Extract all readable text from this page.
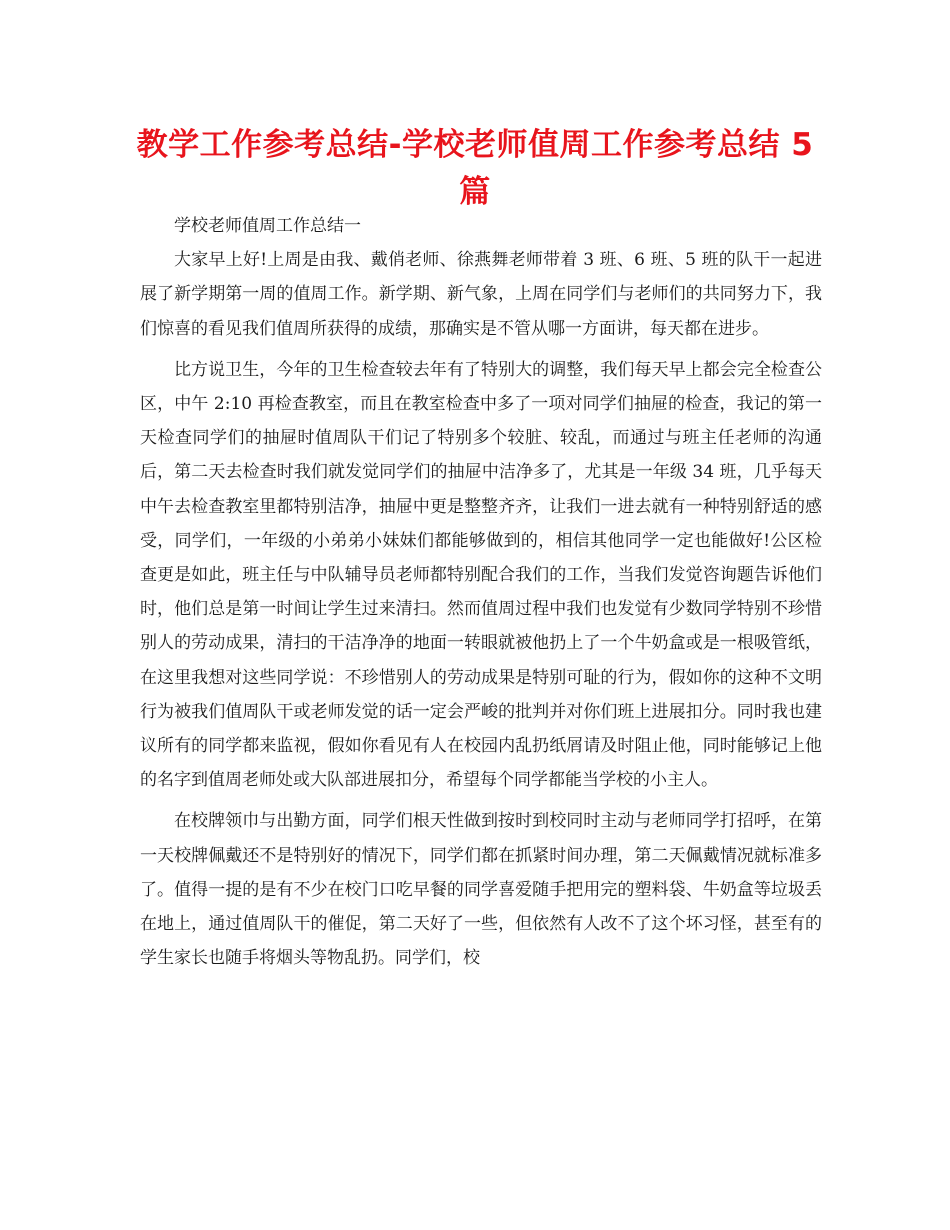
教学工作参考总结-学校老师值周工作参考总结 5 篇

学校老师值周工作总结一

大家早上好!上周是由我、戴俏老师、徐燕舞老师带着 3 班、6 班、5 班的队干一起进展了新学期第一周的值周工作。新学期、新气象，上周在同学们与老师们的共同努力下，我们惊喜的看见我们值周所获得的成绩，那确实是不管从哪一方面讲，每天都在进步。

比方说卫生，今年的卫生检查较去年有了特别大的调整，我们每天早上都会完全检查公区，中午 2:10 再检查教室，而且在教室检查中多了一项对同学们抽屉的检查，我记的第一天检查同学们的抽屉时值周队干们记了特别多个较脏、较乱，而通过与班主任老师的沟通后，第二天去检查时我们就发觉同学们的抽屉中洁净多了，尤其是一年级 34 班，几乎每天中午去检查教室里都特别洁净，抽屉中更是整整齐齐，让我们一进去就有一种特别舒适的感受，同学们，一年级的小弟弟小妹妹们都能够做到的，相信其他同学一定也能做好!公区检查更是如此，班主任与中队辅导员老师都特别配合我们的工作，当我们发觉咨询题告诉他们时，他们总是第一时间让学生过来清扫。然而值周过程中我们也发觉有少数同学特别不珍惜别人的劳动成果，清扫的干洁净净的地面一转眼就被他扔上了一个牛奶盒或是一根吸管纸，在这里我想对这些同学说：不珍惜别人的劳动成果是特别可耻的行为，假如你的这种不文明行为被我们值周队干或老师发觉的话一定会严峻的批判并对你们班上进展扣分。同时我也建议所有的同学都来监视，假如你看见有人在校园内乱扔纸屑请及时阻止他，同时能够记上他的名字到值周老师处或大队部进展扣分，希望每个同学都能当学校的小主人。

在校牌领巾与出勤方面，同学们根天性做到按时到校同时主动与老师同学打招呼，在第一天校牌佩戴还不是特别好的情况下，同学们都在抓紧时间办理，第二天佩戴情况就标准多了。值得一提的是有不少在校门口吃早餐的同学喜爱随手把用完的塑料袋、牛奶盒等垃圾丢在地上，通过值周队干的催促，第二天好了一些，但依然有人改不了这个坏习怪，甚至有的学生家长也随手将烟头等物乱扔。同学们，校
